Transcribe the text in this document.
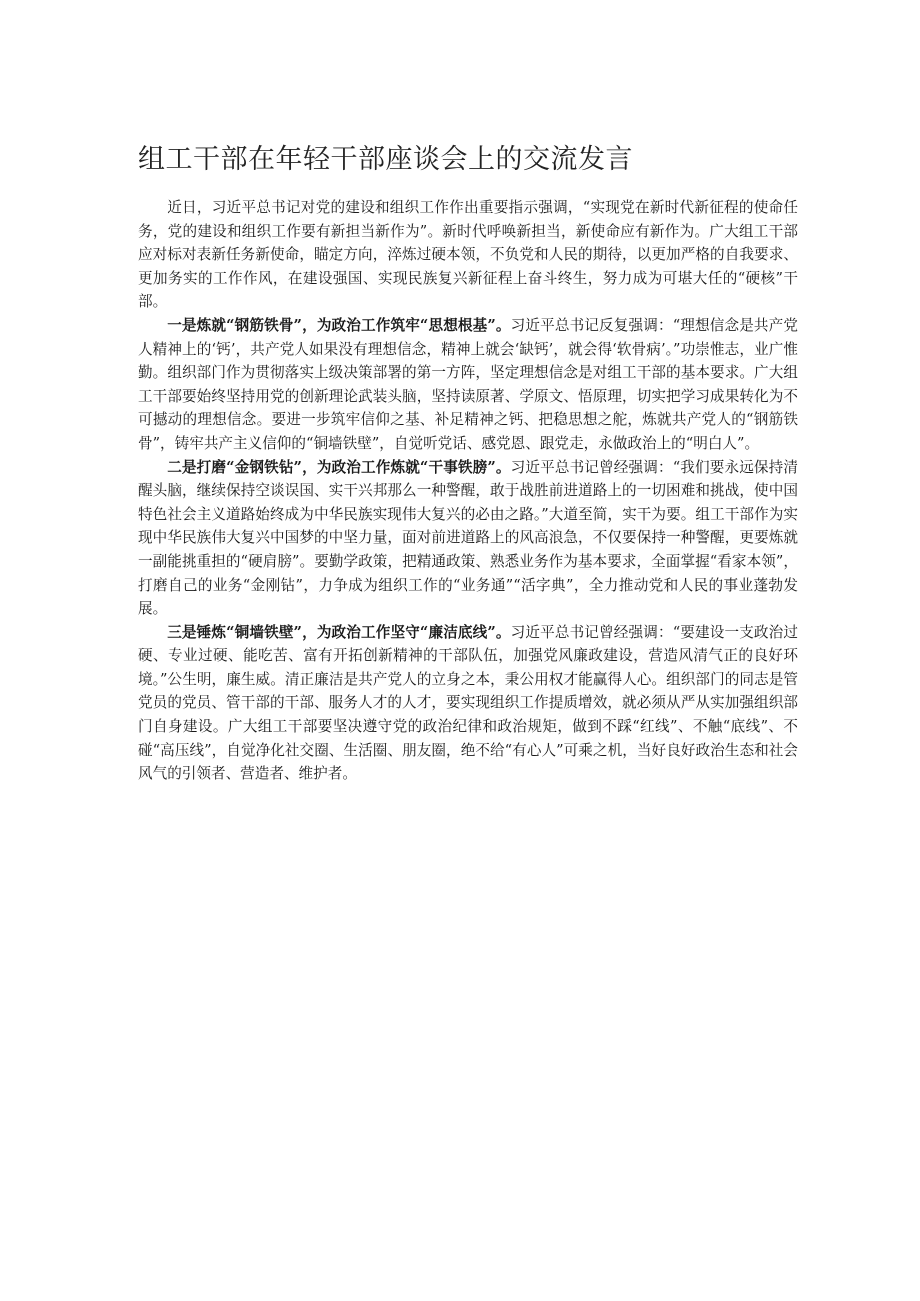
组工干部在年轻干部座谈会上的交流发言

近日，习近平总书记对党的建设和组织工作作出重要指示强调，“实现党在新时代新征程的使命任务，党的建设和组织工作要有新担当新作为”。新时代呼唤新担当，新使命应有新作为。广大组工干部应对标对表新任务新使命，瞄定方向，淬炼过硬本领，不负党和人民的期待，以更加严格的自我要求、更加务实的工作作风，在建设强国、实现民族复兴新征程上奋斗终生，努力成为可堪大任的“硬核”干部。

一是炼就“钢筋铁骨”，为政治工作筑牢“思想根基”。习近平总书记反复强调：“理想信念是共产党人精神上的‘钙’，共产党人如果没有理想信念，精神上就会‘缺钙’，就会得‘软骨病’。”功崇惟志，业广惟勤。组织部门作为贯彻落实上级决策部署的第一方阵，坚定理想信念是对组工干部的基本要求。广大组工干部要始终坚持用党的创新理论武装头脑，坚持读原著、学原文、悟原理，切实把学习成果转化为不可撼动的理想信念。要进一步筑牢信仰之基、补足精神之钙、把稳思想之舵，炼就共产党人的“钢筋铁骨”，铸牢共产主义信仰的“铜墙铁壁”，自觉听党话、感党恩、跟党走，永做政治上的“明白人”。

二是打磨“金钢铁钻”，为政治工作炼就“干事铁膀”。习近平总书记曾经强调：“我们要永远保持清醒头脑，继续保持空谈误国、实干兴邦那么一种警醒，敢于战胜前进道路上的一切困难和挑战，使中国特色社会主义道路始终成为中华民族实现伟大复兴的必由之路。”大道至简，实干为要。组工干部作为实现中华民族伟大复兴中国梦的中坚力量，面对前进道路上的风高浪急，不仅要保持一种警醒，更要炼就一副能挑重担的“硬肩膀”。要勤学政策，把精通政策、熟悉业务作为基本要求，全面掌握“看家本领”，打磨自己的业务“金刚钻”，力争成为组织工作的“业务通”“活字典”，全力推动党和人民的事业蓬勃发展。

三是锤炼“铜墙铁壁”，为政治工作坚守“廉洁底线”。习近平总书记曾经强调：“要建设一支政治过硬、专业过硬、能吃苦、富有开拓创新精神的干部队伍，加强党风廉政建设，营造风清气正的良好环境。”公生明，廉生威。清正廉洁是共产党人的立身之本，秉公用权才能赢得人心。组织部门的同志是管党员的党员、管干部的干部、服务人才的人才，要实现组织工作提质增效，就必须从严从实加强组织部门自身建设。广大组工干部要坚决遵守党的政治纪律和政治规矩，做到不踩“红线”、不触“底线”、不碰“高压线”，自觉净化社交圈、生活圈、朋友圈，绝不给“有心人”可乘之机，当好良好政治生态和社会风气的引领者、营造者、维护者。
